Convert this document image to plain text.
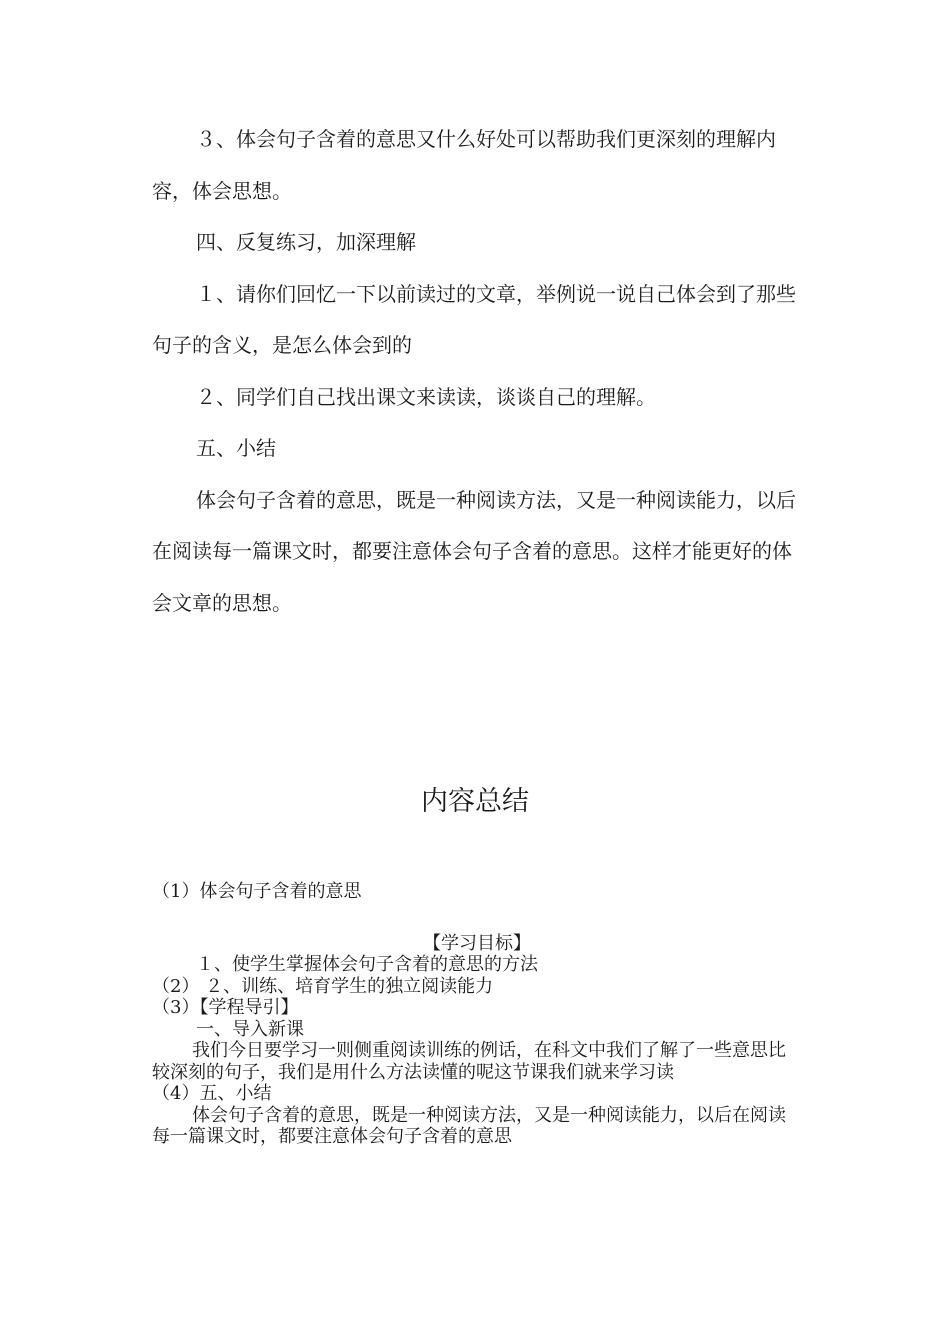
３、体会句子含着的意思又什么好处可以帮助我们更深刻的理解内容，体会思想。

四、反复练习，加深理解

１、请你们回忆一下以前读过的文章，举例说一说自己体会到了那些句子的含义，是怎么体会到的

２、同学们自己找出课文来读读，谈谈自己的理解。

五、小结

体会句子含着的意思，既是一种阅读方法，又是一种阅读能力，以后在阅读每一篇课文时，都要注意体会句子含着的意思。这样才能更好的体会文章的思想。

内容总结

（1）体会句子含着的意思

【学习目标】

１、使学生掌握体会句子含着的意思的方法

（2） ２、训练、培育学生的独立阅读能力

（3）【学程导引】

一、导入新课

我们今日要学习一则侧重阅读训练的例话，在科文中我们了解了一些意思比较深刻的句子，我们是用什么方法读懂的呢这节课我们就来学习读

（4）五、小结

体会句子含着的意思，既是一种阅读方法，又是一种阅读能力，以后在阅读每一篇课文时，都要注意体会句子含着的意思
